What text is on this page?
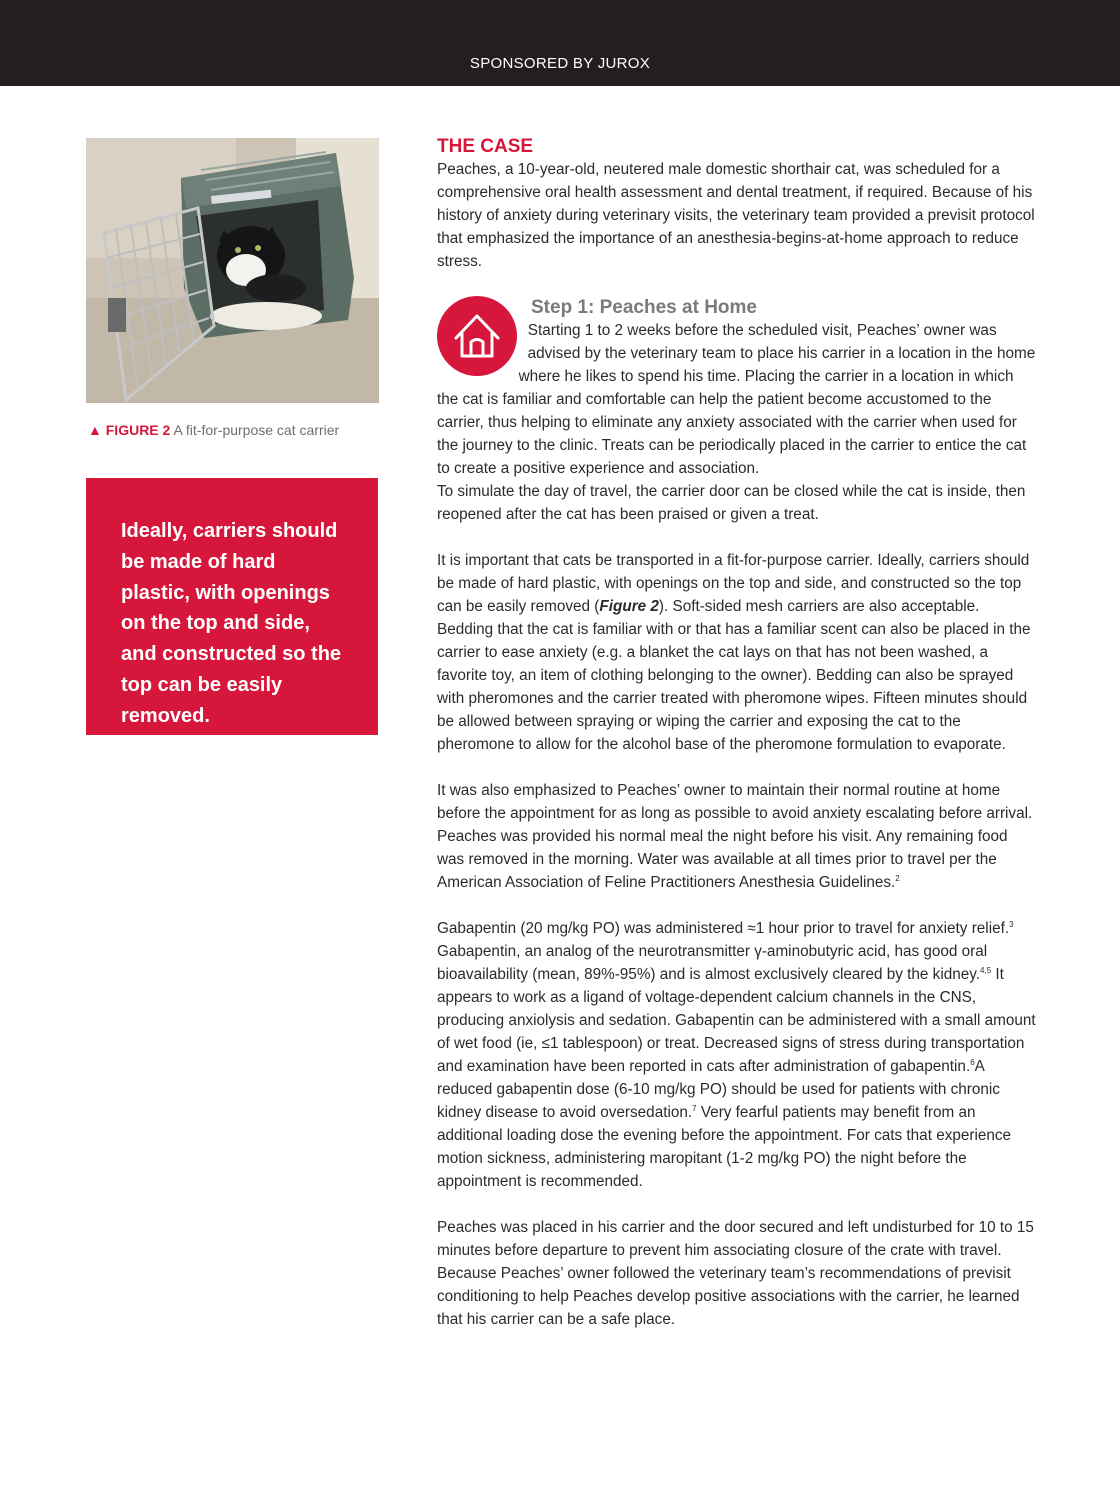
SPONSORED BY JUROX
▲ FIGURE 2 A fit-for-purpose cat carrier

Ideally, carriers should be made of hard plastic, with openings on the top and side, and constructed so the top can be easily removed.

THE CASE

Peaches, a 10-year-old, neutered male domestic shorthair cat, was scheduled for a comprehensive oral health assessment and dental treatment, if required. Because of his history of anxiety during veterinary visits, the veterinary team provided a previsit protocol that emphasized the importance of an anesthesia-begins-at-home approach to reduce stress.

Step 1: Peaches at Home

Starting 1 to 2 weeks before the scheduled visit, Peaches’ owner was advised by the veterinary team to place his carrier in a location in the home where he likes to spend his time. Placing the carrier in a location in which the cat is familiar and comfortable can help the patient become accustomed to the carrier, thus helping to eliminate any anxiety associated with the carrier when used for the journey to the clinic. Treats can be periodically placed in the carrier to entice the cat to create a positive experience and association.

To simulate the day of travel, the carrier door can be closed while the cat is inside, then reopened after the cat has been praised or given a treat.

It is important that cats be transported in a fit-for-purpose carrier. Ideally, carriers should be made of hard plastic, with openings on the top and side, and constructed so the top can be easily removed (Figure 2). Soft-sided mesh carriers are also acceptable. Bedding that the cat is familiar with or that has a familiar scent can also be placed in the carrier to ease anxiety (e.g. a blanket the cat lays on that has not been washed, a favorite toy, an item of clothing belonging to the owner). Bedding can also be sprayed with pheromones and the carrier treated with pheromone wipes. Fifteen minutes should be allowed between spraying or wiping the carrier and exposing the cat to the pheromone to allow for the alcohol base of the pheromone formulation to evaporate.

It was also emphasized to Peaches’ owner to maintain their normal routine at home before the appointment for as long as possible to avoid anxiety escalating before arrival. Peaches was provided his normal meal the night before his visit. Any remaining food was removed in the morning. Water was available at all times prior to travel per the American Association of Feline Practitioners Anesthesia Guidelines.$^2$

Gabapentin (20 mg/kg PO) was administered ≈1 hour prior to travel for anxiety relief.$^3$ Gabapentin, an analog of the neurotransmitter γ-aminobutyric acid, has good oral bioavailability (mean, 89%-95%) and is almost exclusively cleared by the kidney.$^{4,5}$ It appears to work as a ligand of voltage-dependent calcium channels in the CNS, producing anxiolysis and sedation. Gabapentin can be administered with a small amount of wet food (ie, ≤1 tablespoon) or treat. Decreased signs of stress during transportation and examination have been reported in cats after administration of gabapentin.$^6$A reduced gabapentin dose (6-10 mg/kg PO) should be used for patients with chronic kidney disease to avoid oversedation.$^7$ Very fearful patients may benefit from an additional loading dose the evening before the appointment. For cats that experience motion sickness, administering maropitant (1-2 mg/kg PO) the night before the appointment is recommended.

Peaches was placed in his carrier and the door secured and left undisturbed for 10 to 15 minutes before departure to prevent him associating closure of the crate with travel. Because Peaches’ owner followed the veterinary team’s recommendations of previsit conditioning to help Peaches develop positive associations with the carrier, he learned that his carrier can be a safe place.
